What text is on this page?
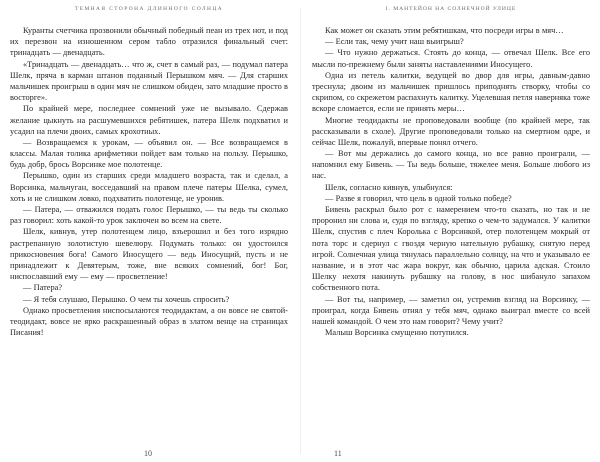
ТЕМНАЯ СТОРОНА ДЛИННОГО СОЛНЦА

Куранты счетчика прозвонили обычный победный пеан из трех нот, и под их перезвон на изношенном сером табло отразился финальный счет: тринадцать — двенадцать.

«Тринадцать — двенадцать… что ж, счет в самый раз, — подумал патера Шелк, пряча в карман штанов поданный Перышком мяч. — Для старших мальчишек проигрыш в один мяч не слишком обиден, зато младшие просто в восторге».

По крайней мере, последнее сомнений уже не вызывало. Сдержав желание цыкнуть на расшумевшихся ребятишек, патера Шелк подхватил и усадил на плечи двоих, самых крохотных.

— Возвращаемся к урокам, — объявил он. — Все возвращаемся в классы. Малая толика арифметики пойдет вам только на пользу. Перышко, будь добр, брось Ворсинке мое полотенце.

Перышко, один из старших среди младшего возраста, так и сделал, а Ворсинка, мальчуган, восседавший на правом плече патеры Шелка, сумел, хоть и не слишком ловко, подхватить полотенце, не уронив.

— Патера, — отважился подать голос Перышко, — ты ведь ты сколько раз говорил: хоть какой-то урок заключен во всем на свете.

Шелк, кивнув, утер полотенцем лицо, взъерошил и без того изрядно растрепанную золотистую шевелюру. Подумать только: он удостоился прикосновения бога! Самого Иносущего — ведь Иносущий, пусть и не принадлежит к Девятерым, тоже, вне всяких сомнений, бог! Бог, ниспославший ему — ему — просветление!

— Патера?

— Я тебя слушаю, Перышко. О чем ты хочешь спросить?

Однако просветления ниспосылаются теодидактам, а он вовсе не святой-теодидакт, вовсе не ярко раскрашенный образ в златом венце на страницах Писания!

10
I. МАНТЕЙОН НА СОЛНЕЧНОЙ УЛИЦЕ

Как может он сказать этим ребятишкам, что посреди игры в мяч…

— Если так, чему учит наш выигрыш?

— Что нужно держаться. Стоять до конца, — отвечал Шелк. Все его мысли по-прежнему были заняты наставлениями Иносущего.

Одна из петель калитки, ведущей во двор для игры, давным-давно треснула; двоим из мальчишек пришлось приподнять створку, чтобы со скрипом, со скрежетом распахнуть калитку. Уцелевшая петля наверняка тоже вскоре сломается, если не принять меры…

Многие теодидакты не проповедовали вообще (по крайней мере, так рассказывали в схоле). Другие проповедовали только на смертном одре, и сейчас Шелк, пожалуй, впервые понял отчего.

— Вот мы держались до самого конца, но все равно проиграли, — напомнил ему Бивень. — Ты ведь больше, тяжелее меня. Больше любого из нас.

Шелк, согласно кивнув, улыбнулся:

— Разве я говорил, что цель в одной только победе?

Бивень раскрыл было рот с намерением что-то сказать, но так и не проронил ни слова и, судя по взгляду, крепко о чем-то задумался. У калитки Шелк, спустив с плеч Королька с Ворсинкой, отер полотенцем мокрый от пота торс и сдернул с гвоздя черную нательную рубашку, снятую перед игрой. Солнечная улица тянулась параллельно солнцу, на что и указывало ее название, и в этот час жара вокруг, как обычно, царила адская. Стоило Шелку нехотя накинуть рубашку на голову, в нос шибануло запахом собственного пота.

— Вот ты, например, — заметил он, устремив взгляд на Ворсинку, — проиграл, когда Бивень отнял у тебя мяч, однако выиграл вместе со всей нашей командой. О чем это нам говорит? Чему учит?

Малыш Ворсинка смущенно потупился.

11
